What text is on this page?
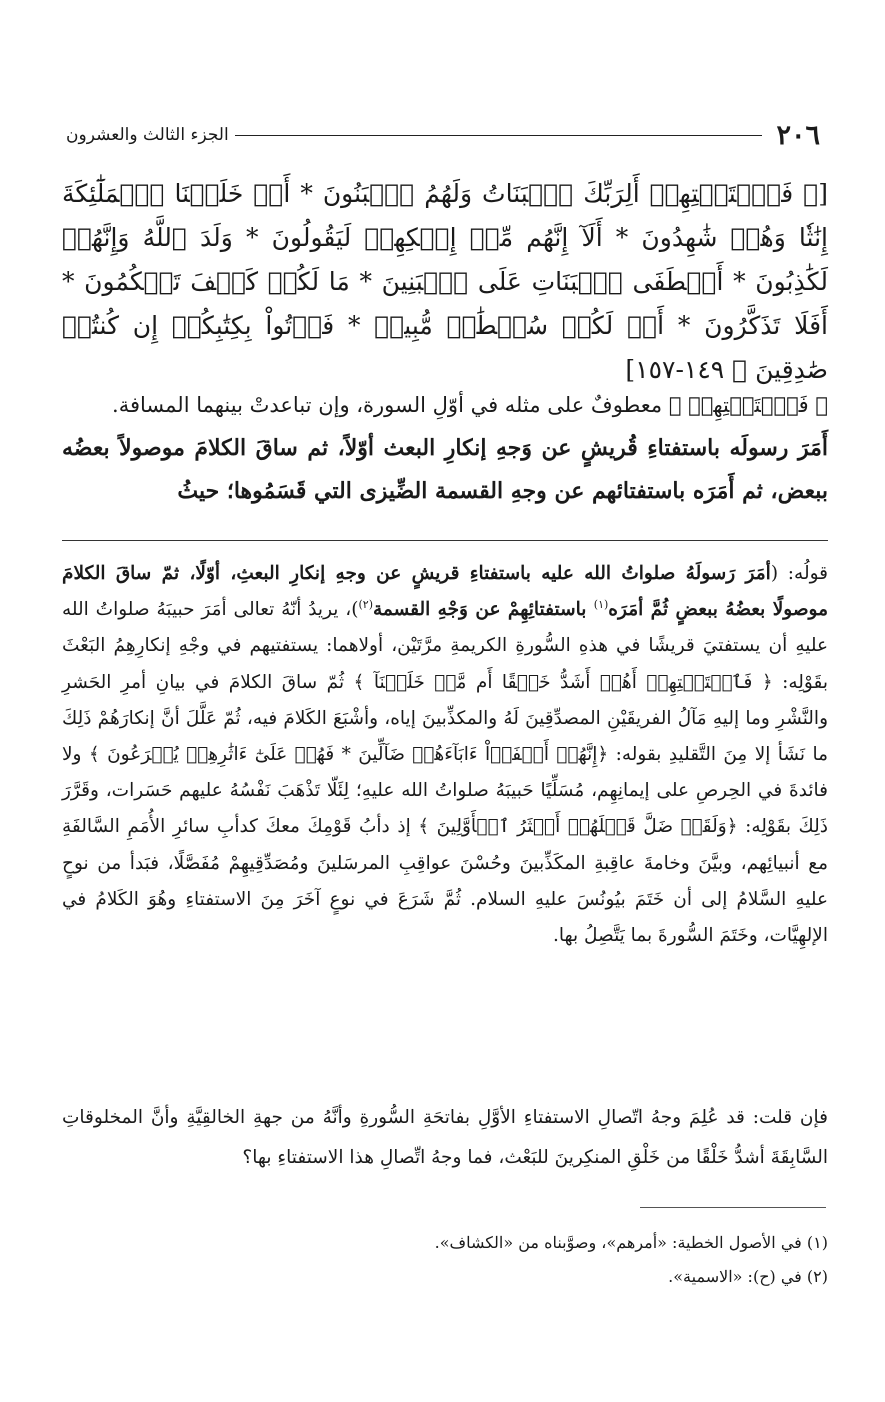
٢٠٦
الجزء الثالث والعشرون

[﴿ فَٱسۡتَفۡتِهِمۡ أَلِرَبِّكَ ٱلۡبَنَاتُ وَلَهُمُ ٱلۡبَنُونَ * أَمۡ خَلَقۡنَا ٱلۡمَلَٰٓئِكَةَ إِنَٰثٗا وَهُمۡ شَٰهِدُونَ * أَلَآ إِنَّهُم مِّنۡ إِفۡكِهِمۡ لَيَقُولُونَ * وَلَدَ ٱللَّهُ وَإِنَّهُمۡ لَكَٰذِبُونَ * أَصۡطَفَى ٱلۡبَنَاتِ عَلَى ٱلۡبَنِينَ * مَا لَكُمۡ كَيۡفَ تَحۡكُمُونَ * أَفَلَا تَذَكَّرُونَ * أَمۡ لَكُمۡ سُلۡطَٰنٞ مُّبِينٞ * فَأۡتُواْ بِكِتَٰبِكُمۡ إِن كُنتُمۡ صَٰدِقِينَ ﴾ ١٤٩-١٥٧]

﴿ فَٱسۡتَفۡتِهِمۡ ﴾ معطوفٌ على مثله في أوّلِ السورة، وإن تباعدتْ بينهما المسافة.

أَمَرَ رسولَه باستفتاءِ قُريشٍ عن وَجهِ إنكارِ البعث أوّلاً، ثم ساقَ الكلامَ موصولاً بعضُه ببعض، ثم أَمَرَه باستفتائهم عن وجهِ القسمة الضِّيزى التي قَسَمُوها؛ حيثُ

قولُه: (أمَرَ رَسولَهُ صلواتُ الله عليه باستفتاءِ قريشٍ عن وجهِ إنكارِ البعثِ، أوّلًا، ثمّ ساقَ الكلامَ موصولًا بعضُهُ ببعضٍ ثُمَّ أمَرَه$^{(١)}$ باستفتائِهِمْ عن وَجْهِ القسمة$^{(٢)}$)، يريدُ أنّهُ تعالى أمَرَ حبيبَهُ صلواتُ الله عليهِ أن يستفتيَ قريشًا في هذهِ السُّورةِ الكريمةِ مرَّتَيْن، أولاهما: يستفتيهم في وجْهِ إنكارِهِمُ البَعْثَ بقَوْلِه: ﴿ فَٱسۡتَفۡتِهِمۡ أَهُمۡ أَشَدُّ خَلۡقًا أَم مَّنۡ خَلَقۡنَآ ﴾ ثُمّ ساقَ الكلامَ في بيانِ أمرِ الحَشرِ والنَّشْرِ وما إليهِ مَآلُ الفريقَيْنِ المصدِّقِينَ لَهُ والمكذِّبينَ إياه، وأشْبَعَ الكَلامَ فيه، ثُمّ عَلَّلَ أنَّ إنكارَهُمْ ذَلِكَ ما نَشَأ إلا مِنَ التَّقليدِ بقوله: ﴿إِنَّهُمۡ أَلۡفَوۡاْ ءَابَآءَهُمۡ ضَآلِّينَ * فَهُمۡ عَلَىٰٓ ءَاثَٰرِهِمۡ يُهۡرَعُونَ ﴾ ولا فائدةَ في الحِرصِ على إيمانِهِم، مُسَلِّيًا حَبيبَهُ صلواتُ الله عليهِ؛ لِئَلّا تَذْهَبَ نَفْسُهُ عليهم حَسَرات، وقَرَّرَ ذَلِكَ بقَوْلِه: ﴿وَلَقَدۡ ضَلَّ قَبۡلَهُمۡ أَكۡثَرُ ٱلۡأَوَّلِينَ ﴾ إذ دأبُ قَوْمِكَ معكَ كدأبِ سائرِ الأُمَمِ السَّالفَةِ مع أنبيائِهم، وبيَّنَ وخامةَ عاقِبةِ المكَذِّبينَ وحُسْنَ عواقِبِ المرسَلينَ ومُصَدِّقِيهِمْ مُفَصَّلًا، فبَدأ من نوحٍ عليهِ السَّلامُ إلى أن خَتَمَ بيُونُسَ عليهِ السلام. ثُمَّ شَرَعَ في نوعٍ آخَرَ مِنَ الاستفتاءِ وهُوَ الكَلامُ في الإلهِيَّات، وخَتَمَ السُّورةَ بما يَتَّصِلُ بها.

فإن قلت: قد عُلِمَ وجهُ اتّصالِ الاستفتاءِ الأوَّلِ بفاتحَةِ السُّورةِ وأنَّهُ من جهةِ الخالقِيَّةِ وأنَّ المخلوقاتِ السَّابِقَةَ أشدُّ خَلْقًا من خَلْقِ المنكِرينَ للبَعْث، فما وجهُ اتِّصالِ هذا الاستفتاءِ بها؟

(١) في الأصول الخطية: «أمرهم»، وصوَّبناه من «الكشاف».

(٢) في (ح): «الاسمية».
